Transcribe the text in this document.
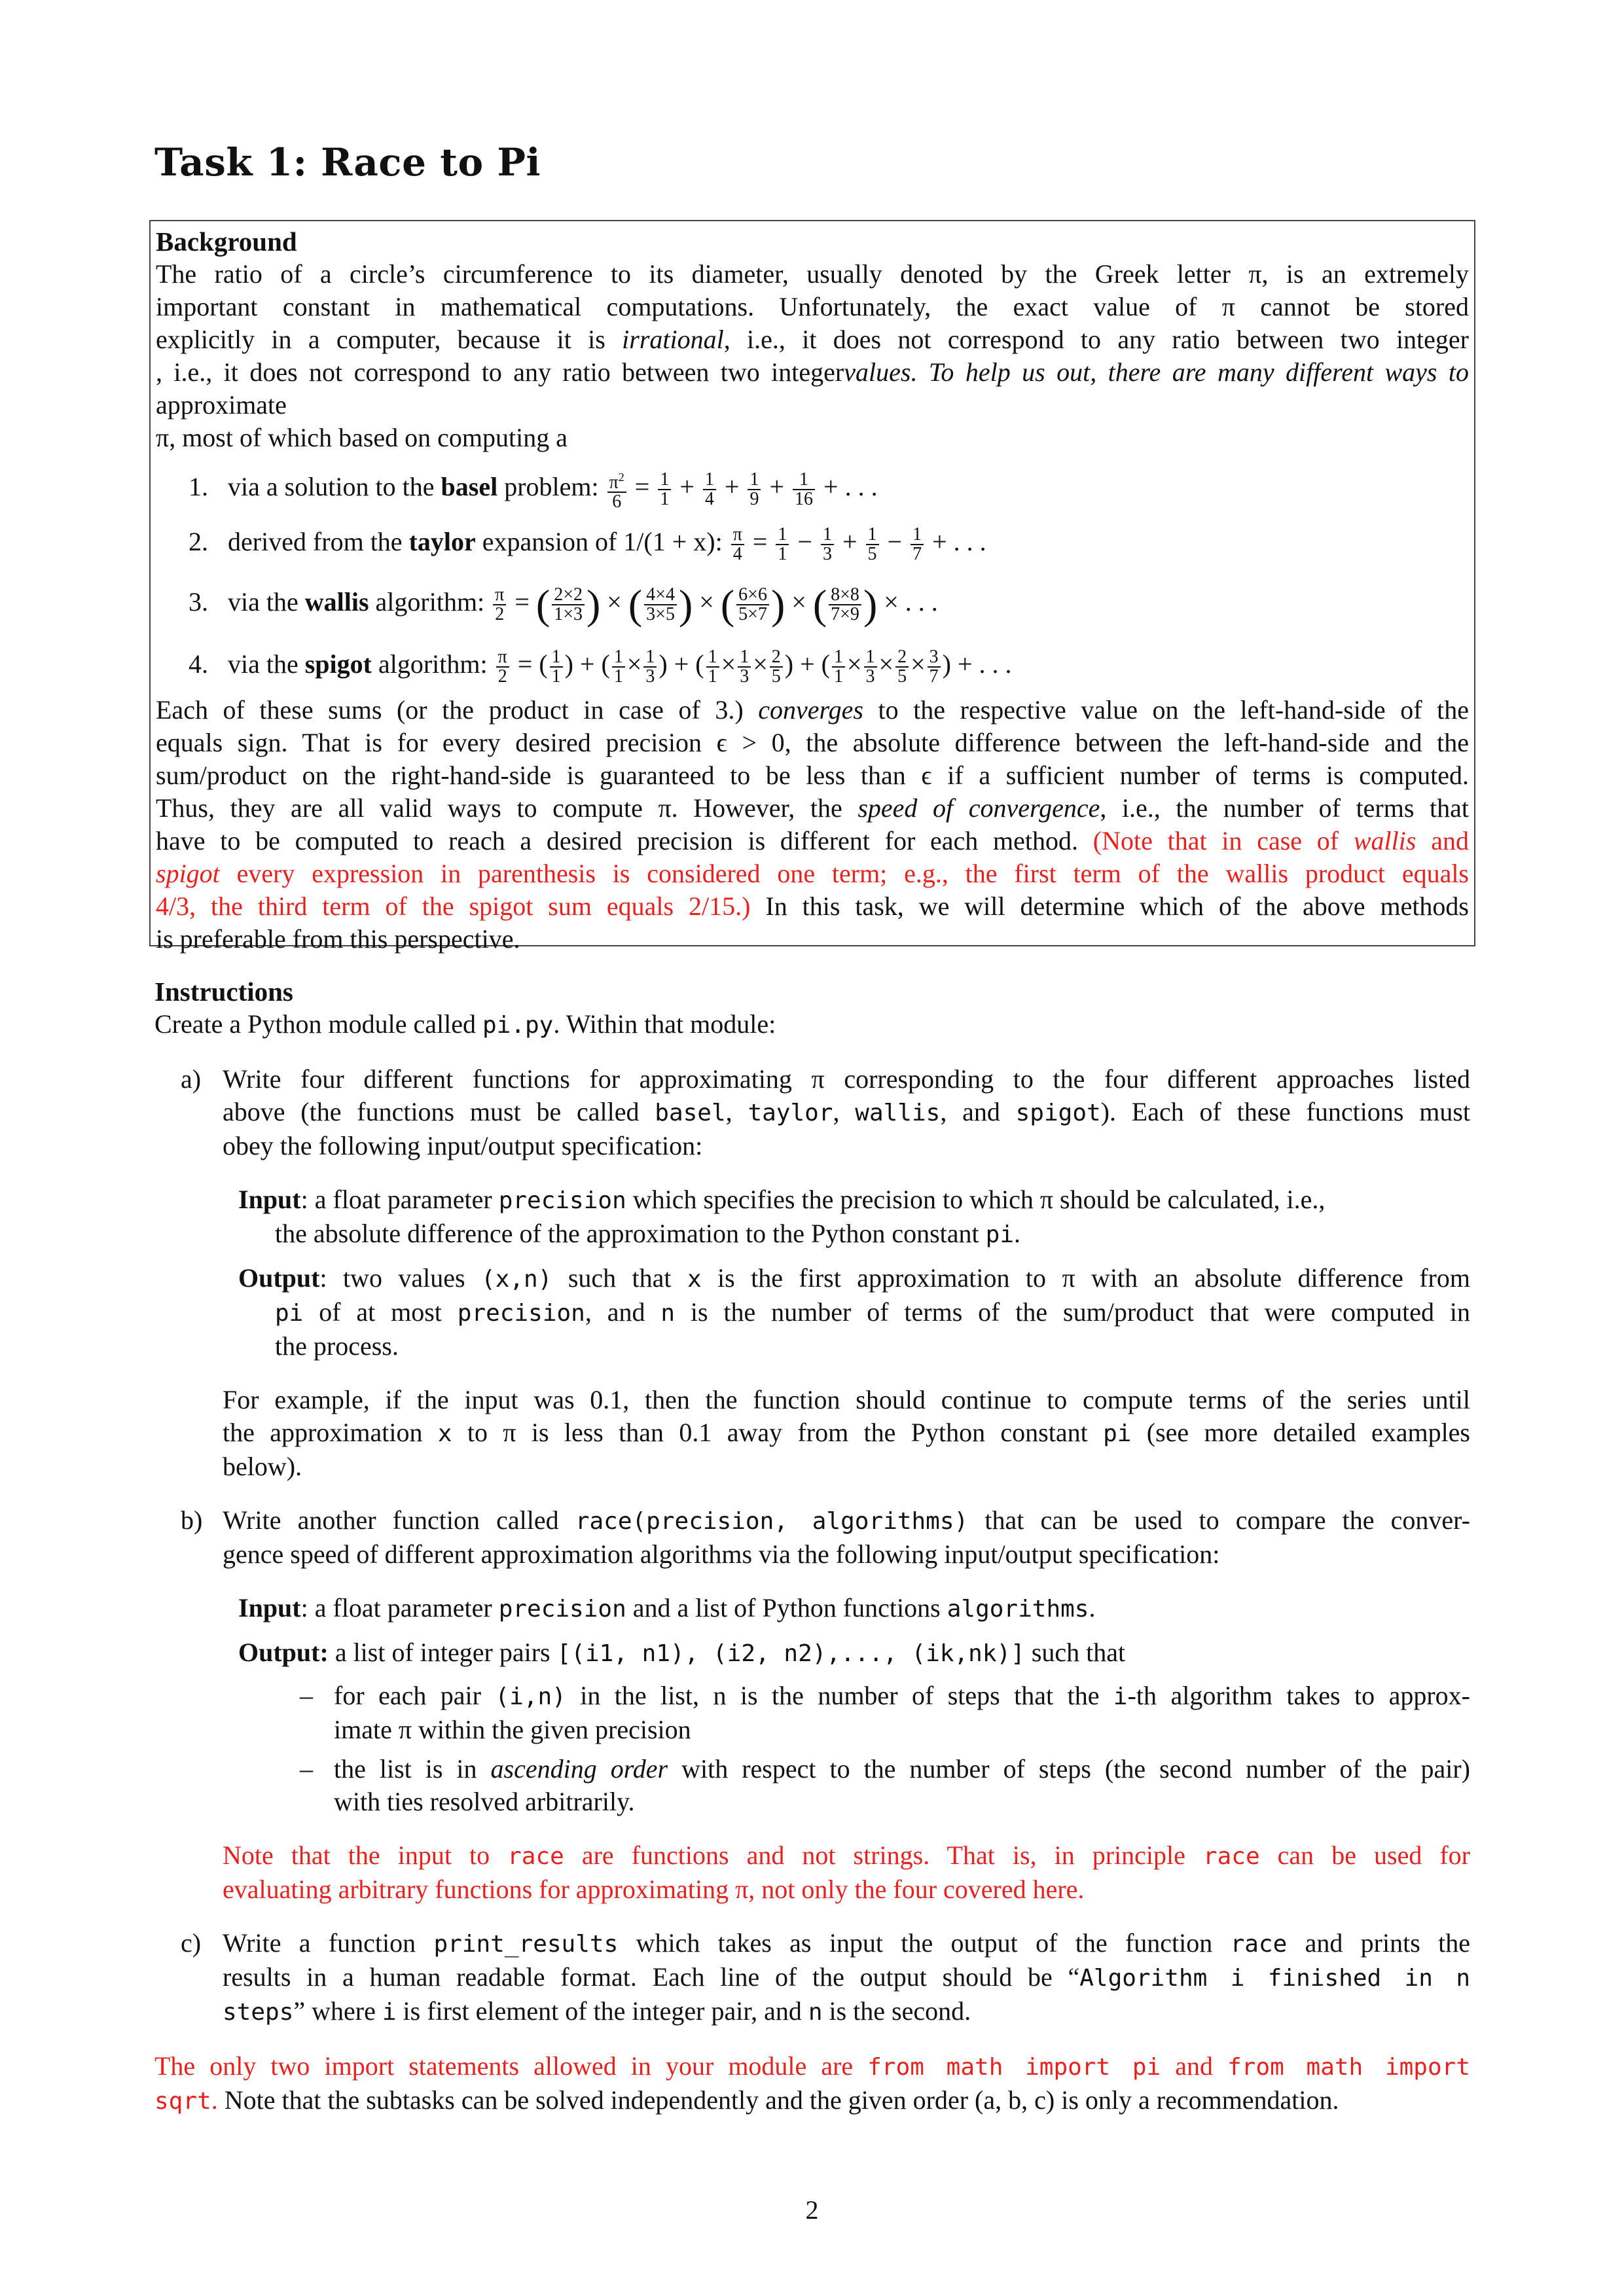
Task 1: Race to Pi
Background
The ratio of a circle’s circumference to its diameter, usually denoted by the Greek letter π, is an extremely
important constant in mathematical computations. Unfortunately, the exact value of π cannot be stored
explicitly in a computer, because it is irrational, i.e., it does not correspond to any ratio between two integer
, i.e., it does not correspond to any ratio between two integervalues. To help us out, there are many different ways to approximate
π, most of which based on computing a
1. via a solution to the basel problem: $\frac{\pi^2}{6} = \frac{1}{1} + \frac{1}{4} + \frac{1}{9} + \frac{1}{16}$ + . . .
2. derived from the taylor expansion of 1/(1 + x): $\frac{\pi}{4} = \frac{1}{1} - \frac{1}{3} + \frac{1}{5} - \frac{1}{7}$ + . . .
3. via the wallis algorithm: $\frac{\pi}{2}$ = ( $\frac{2\times 2}{1\times 3}$ ) × ( $\frac{4\times 4}{3\times 5}$ ) × ( $\frac{6\times 6}{5\times 7}$ ) × ( $\frac{8\times 8}{7\times 9}$ ) × . . .
4. via the spigot algorithm: $\frac{\pi}{2}$ = ( $\frac{1}{1}$ ) + ( $\frac{1}{1} \times \frac{1}{3}$ ) + ( $\frac{1}{1} \times \frac{1}{3} \times \frac{2}{5}$ ) + ( $\frac{1}{1} \times \frac{1}{3} \times \frac{2}{5} \times \frac{3}{7}$ ) + . . .
Each of these sums (or the product in case of 3.) converges to the respective value on the left-hand-side of the
equals sign. That is for every desired precision ϵ > 0, the absolute difference between the left-hand-side and the
sum/product on the right-hand-side is guaranteed to be less than ϵ if a sufficient number of terms is computed.
Thus, they are all valid ways to compute π. However, the speed of convergence, i.e., the number of terms that
have to be computed to reach a desired precision is different for each method. (Note that in case of wallis and
spigot every expression in parenthesis is considered one term; e.g., the first term of the wallis product equals
4/3, the third term of the spigot sum equals 2/15.) In this task, we will determine which of the above methods
is preferable from this perspective.
Instructions
Create a Python module called pi.py. Within that module:
a) Write four different functions for approximating π corresponding to the four different approaches listed
above (the functions must be called basel, taylor, wallis, and spigot). Each of these functions must
obey the following input/output specification:
Input: a float parameter precision which specifies the precision to which π should be calculated, i.e.,
the absolute difference of the approximation to the Python constant pi.
Output: two values (x,n) such that x is the first approximation to π with an absolute difference from
pi of at most precision, and n is the number of terms of the sum/product that were computed in
the process.
For example, if the input was 0.1, then the function should continue to compute terms of the series until
the approximation x to π is less than 0.1 away from the Python constant pi (see more detailed examples
below).
b) Write another function called race(precision, algorithms) that can be used to compare the conver-
gence speed of different approximation algorithms via the following input/output specification:
Input: a float parameter precision and a list of Python functions algorithms.
Output: a list of integer pairs [(i1, n1), (i2, n2),..., (ik,nk)] such that
– for each pair (i,n) in the list, n is the number of steps that the i-th algorithm takes to approx-
imate π within the given precision
– the list is in ascending order with respect to the number of steps (the second number of the pair)
with ties resolved arbitrarily.
Note that the input to race are functions and not strings. That is, in principle race can be used for
evaluating arbitrary functions for approximating π, not only the four covered here.
c) Write a function print_results which takes as input the output of the function race and prints the
results in a human readable format. Each line of the output should be “Algorithm i finished in n
steps” where i is first element of the integer pair, and n is the second.
The only two import statements allowed in your module are from math import pi and from math import
sqrt. Note that the subtasks can be solved independently and the given order (a, b, c) is only a recommendation.
2
